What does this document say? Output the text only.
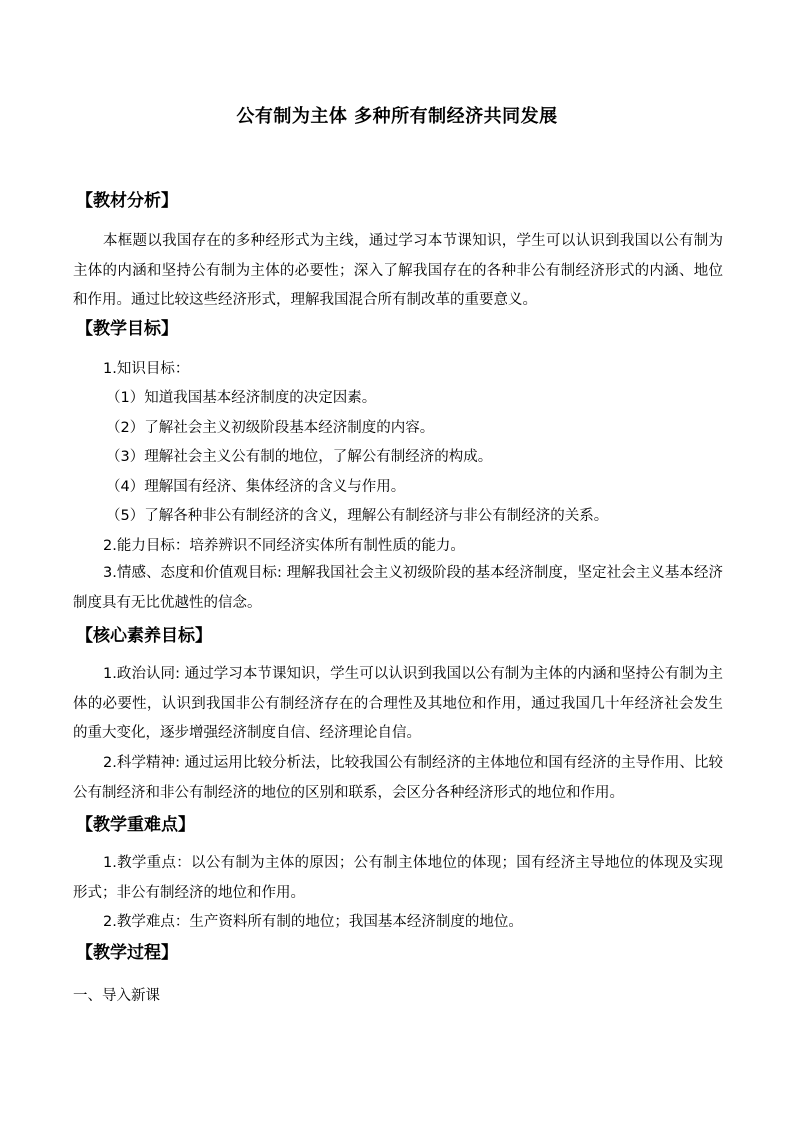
公有制为主体 多种所有制经济共同发展
【教材分析】
本框题以我国存在的多种经形式为主线，通过学习本节课知识，学生可以认识到我国以公有制为主体的内涵和坚持公有制为主体的必要性；深入了解我国存在的各种非公有制经济形式的内涵、地位和作用。通过比较这些经济形式，理解我国混合所有制改革的重要意义。
【教学目标】
1.知识目标：
（1）知道我国基本经济制度的决定因素。
（2）了解社会主义初级阶段基本经济制度的内容。
（3）理解社会主义公有制的地位，了解公有制经济的构成。
（4）理解国有经济、集体经济的含义与作用。
（5）了解各种非公有制经济的含义，理解公有制经济与非公有制经济的关系。
2.能力目标：培养辨识不同经济实体所有制性质的能力。
3.情感、态度和价值观目标: 理解我国社会主义初级阶段的基本经济制度，坚定社会主义基本经济制度具有无比优越性的信念。
【核心素养目标】
1.政治认同: 通过学习本节课知识，学生可以认识到我国以公有制为主体的内涵和坚持公有制为主体的必要性，认识到我国非公有制经济存在的合理性及其地位和作用，通过我国几十年经济社会发生的重大变化，逐步增强经济制度自信、经济理论自信。
2.科学精神: 通过运用比较分析法，比较我国公有制经济的主体地位和国有经济的主导作用、比较公有制经济和非公有制经济的地位的区别和联系，会区分各种经济形式的地位和作用。
【教学重难点】
1.教学重点：以公有制为主体的原因；公有制主体地位的体现；国有经济主导地位的体现及实现形式；非公有制经济的地位和作用。
2.教学难点：生产资料所有制的地位；我国基本经济制度的地位。
【教学过程】
一、导入新课
